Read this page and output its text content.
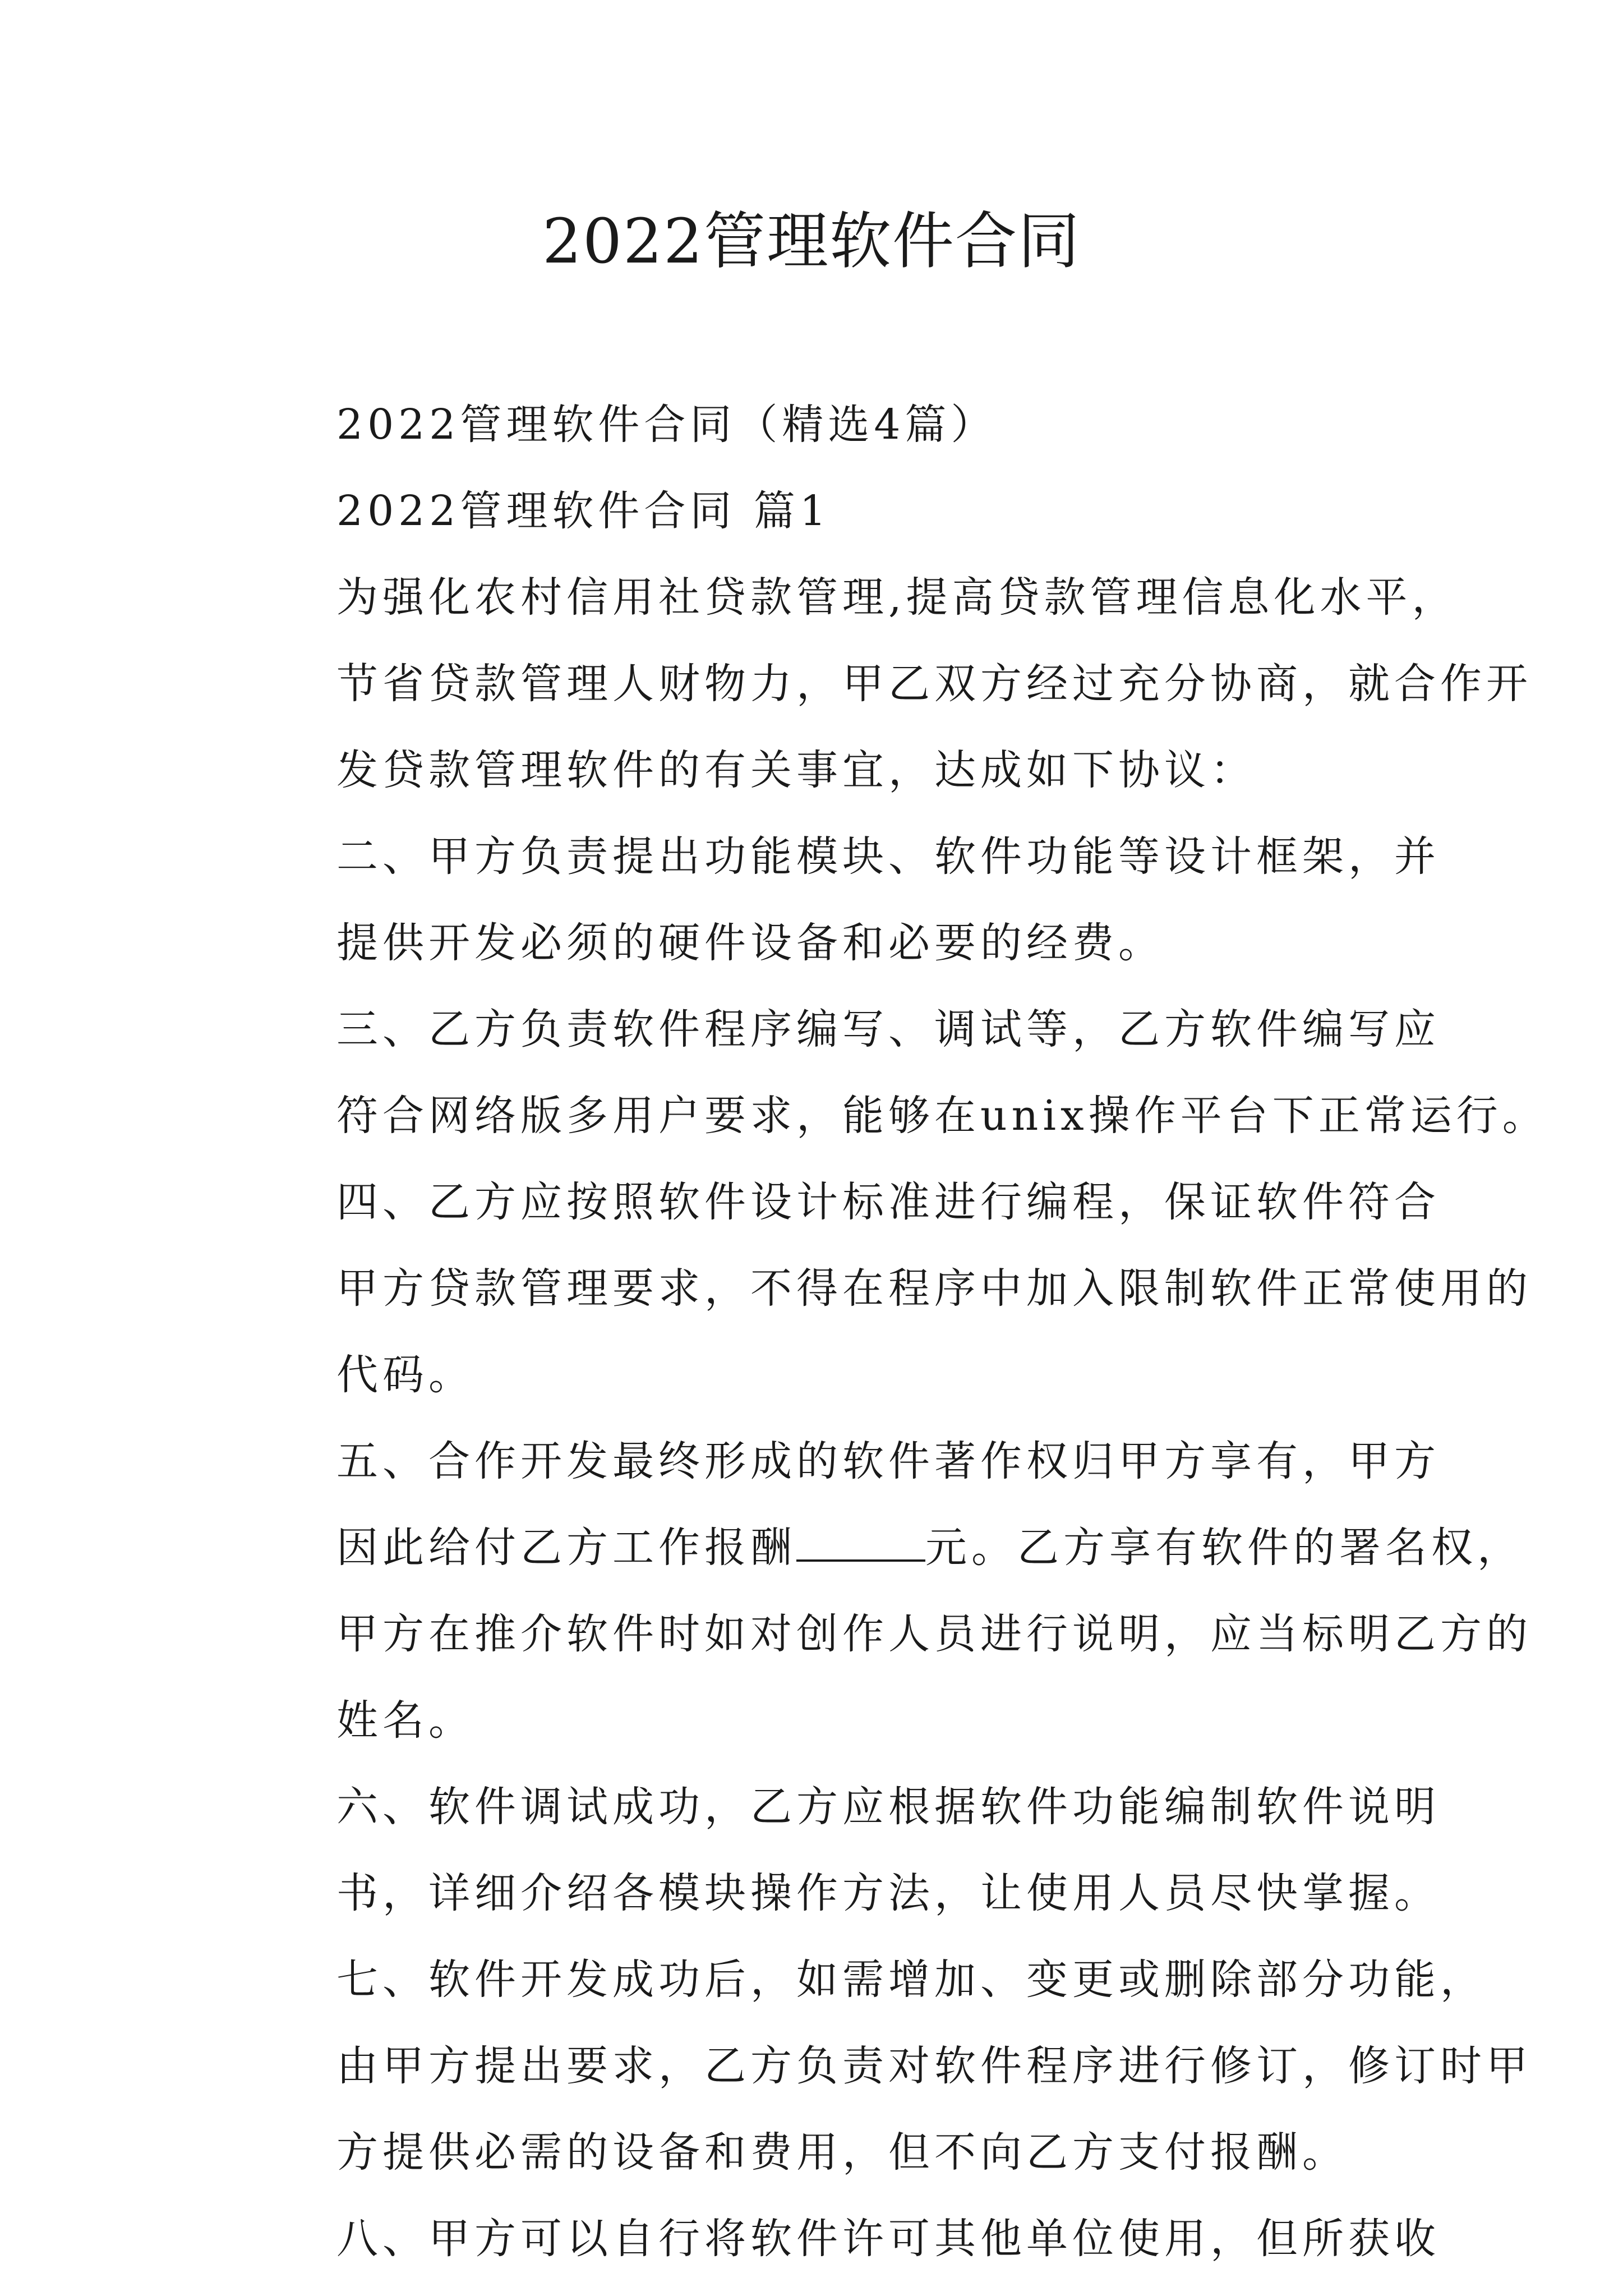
2022管理软件合同

2022管理软件合同（精选4篇）

2022管理软件合同 篇1

为强化农村信用社贷款管理,提高贷款管理信息化水平，
节省贷款管理人财物力，甲乙双方经过充分协商，就合作开
发贷款管理软件的有关事宜，达成如下协议：

二、甲方负责提出功能模块、软件功能等设计框架，并
提供开发必须的硬件设备和必要的经费。

三、乙方负责软件程序编写、调试等，乙方软件编写应
符合网络版多用户要求，能够在unix操作平台下正常运行。

四、乙方应按照软件设计标准进行编程，保证软件符合
甲方贷款管理要求，不得在程序中加入限制软件正常使用的
代码。

五、合作开发最终形成的软件著作权归甲方享有，甲方
因此给付乙方工作报酬	元。乙方享有软件的署名权，
甲方在推介软件时如对创作人员进行说明，应当标明乙方的
姓名。

六、软件调试成功，乙方应根据软件功能编制软件说明
书，详细介绍各模块操作方法，让使用人员尽快掌握。

七、软件开发成功后，如需增加、变更或删除部分功能，
由甲方提出要求，乙方负责对软件程序进行修订，修订时甲
方提供必需的设备和费用，但不向乙方支付报酬。

八、甲方可以自行将软件许可其他单位使用，但所获收
